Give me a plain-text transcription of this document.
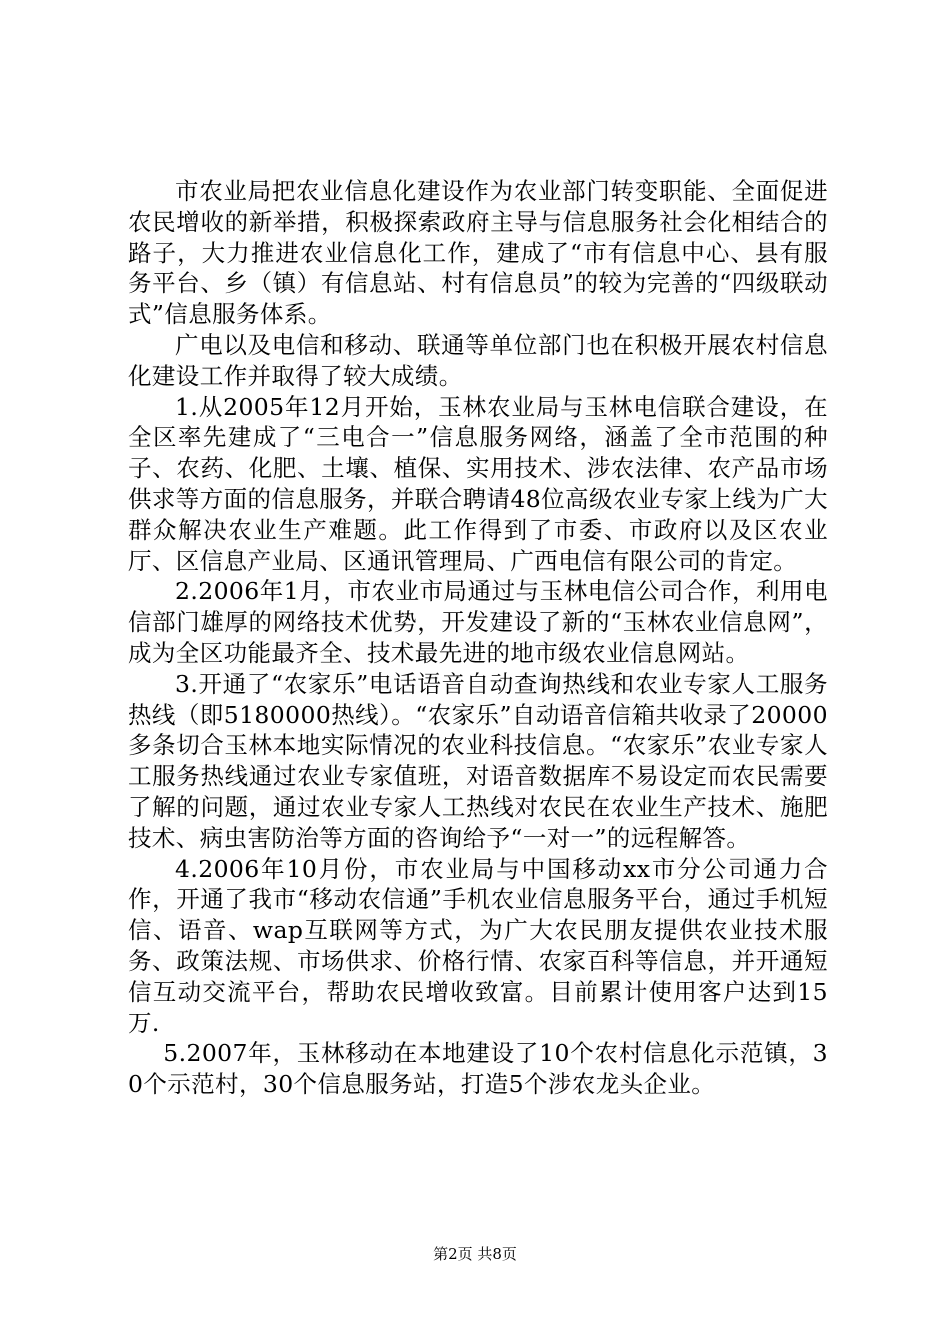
市农业局把农业信息化建设作为农业部门转变职能、全面促进农民增收的新举措，积极探索政府主导与信息服务社会化相结合的路子，大力推进农业信息化工作，建成了“市有信息中心、县有服务平台、乡（镇）有信息站、村有信息员”的较为完善的“四级联动式”信息服务体系。

广电以及电信和移动、联通等单位部门也在积极开展农村信息化建设工作并取得了较大成绩。

1.从2005年12月开始，玉林农业局与玉林电信联合建设，在全区率先建成了“三电合一”信息服务网络，涵盖了全市范围的种子、农药、化肥、土壤、植保、实用技术、涉农法律、农产品市场供求等方面的信息服务，并联合聘请48位高级农业专家上线为广大群众解决农业生产难题。此工作得到了市委、市政府以及区农业厅、区信息产业局、区通讯管理局、广西电信有限公司的肯定。

2.2006年1月，市农业市局通过与玉林电信公司合作，利用电信部门雄厚的网络技术优势，开发建设了新的“玉林农业信息网”，成为全区功能最齐全、技术最先进的地市级农业信息网站。

3.开通了“农家乐”电话语音自动查询热线和农业专家人工服务热线（即5180000热线）。“农家乐”自动语音信箱共收录了20000多条切合玉林本地实际情况的农业科技信息。“农家乐”农业专家人工服务热线通过农业专家值班，对语音数据库不易设定而农民需要了解的问题，通过农业专家人工热线对农民在农业生产技术、施肥技术、病虫害防治等方面的咨询给予“一对一”的远程解答。

4.2006年10月份，市农业局与中国移动xx市分公司通力合作，开通了我市“移动农信通”手机农业信息服务平台，通过手机短信、语音、wap互联网等方式，为广大农民朋友提供农业技术服务、政策法规、市场供求、价格行情、农家百科等信息，并开通短信互动交流平台，帮助农民增收致富。目前累计使用客户达到15万.

5.2007年，玉林移动在本地建设了10个农村信息化示范镇，30个示范村，30个信息服务站，打造5个涉农龙头企业。

第2页 共8页
